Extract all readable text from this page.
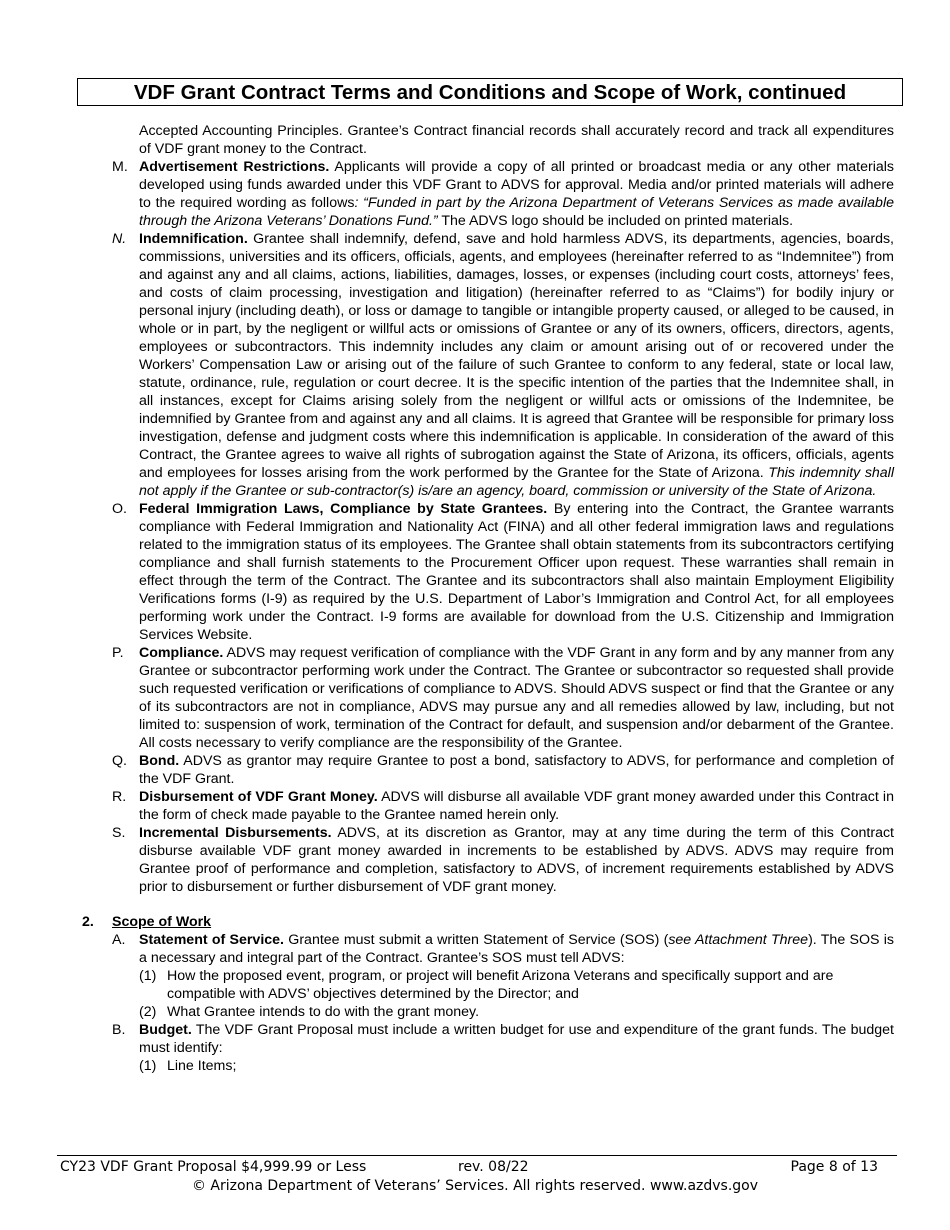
VDF Grant Contract Terms and Conditions and Scope of Work, continued

Accepted Accounting Principles. Grantee’s Contract financial records shall accurately record and track all expenditures of VDF grant money to the Contract.

M. Advertisement Restrictions. Applicants will provide a copy of all printed or broadcast media or any other materials developed using funds awarded under this VDF Grant to ADVS for approval. Media and/or printed materials will adhere to the required wording as follows: “Funded in part by the Arizona Department of Veterans Services as made available through the Arizona Veterans’ Donations Fund.” The ADVS logo should be included on printed materials.

N. Indemnification. Grantee shall indemnify, defend, save and hold harmless ADVS, its departments, agencies, boards, commissions, universities and its officers, officials, agents, and employees (hereinafter referred to as “Indemnitee”) from and against any and all claims, actions, liabilities, damages, losses, or expenses (including court costs, attorneys’ fees, and costs of claim processing, investigation and litigation) (hereinafter referred to as “Claims”) for bodily injury or personal injury (including death), or loss or damage to tangible or intangible property caused, or alleged to be caused, in whole or in part, by the negligent or willful acts or omissions of Grantee or any of its owners, officers, directors, agents, employees or subcontractors. This indemnity includes any claim or amount arising out of or recovered under the Workers’ Compensation Law or arising out of the failure of such Grantee to conform to any federal, state or local law, statute, ordinance, rule, regulation or court decree. It is the specific intention of the parties that the Indemnitee shall, in all instances, except for Claims arising solely from the negligent or willful acts or omissions of the Indemnitee, be indemnified by Grantee from and against any and all claims. It is agreed that Grantee will be responsible for primary loss investigation, defense and judgment costs where this indemnification is applicable. In consideration of the award of this Contract, the Grantee agrees to waive all rights of subrogation against the State of Arizona, its officers, officials, agents and employees for losses arising from the work performed by the Grantee for the State of Arizona. This indemnity shall not apply if the Grantee or sub-contractor(s) is/are an agency, board, commission or university of the State of Arizona.

O. Federal Immigration Laws, Compliance by State Grantees. By entering into the Contract, the Grantee warrants compliance with Federal Immigration and Nationality Act (FINA) and all other federal immigration laws and regulations related to the immigration status of its employees. The Grantee shall obtain statements from its subcontractors certifying compliance and shall furnish statements to the Procurement Officer upon request. These warranties shall remain in effect through the term of the Contract. The Grantee and its subcontractors shall also maintain Employment Eligibility Verifications forms (I-9) as required by the U.S. Department of Labor’s Immigration and Control Act, for all employees performing work under the Contract. I-9 forms are available for download from the U.S. Citizenship and Immigration Services Website.

P. Compliance. ADVS may request verification of compliance with the VDF Grant in any form and by any manner from any Grantee or subcontractor performing work under the Contract. The Grantee or subcontractor so requested shall provide such requested verification or verifications of compliance to ADVS. Should ADVS suspect or find that the Grantee or any of its subcontractors are not in compliance, ADVS may pursue any and all remedies allowed by law, including, but not limited to: suspension of work, termination of the Contract for default, and suspension and/or debarment of the Grantee. All costs necessary to verify compliance are the responsibility of the Grantee.

Q. Bond. ADVS as grantor may require Grantee to post a bond, satisfactory to ADVS, for performance and completion of the VDF Grant.

R. Disbursement of VDF Grant Money. ADVS will disburse all available VDF grant money awarded under this Contract in the form of check made payable to the Grantee named herein only.

S. Incremental Disbursements. ADVS, at its discretion as Grantor, may at any time during the term of this Contract disburse available VDF grant money awarded in increments to be established by ADVS. ADVS may require from Grantee proof of performance and completion, satisfactory to ADVS, of increment requirements established by ADVS prior to disbursement or further disbursement of VDF grant money.

2. Scope of Work
A. Statement of Service. Grantee must submit a written Statement of Service (SOS) (see Attachment Three). The SOS is a necessary and integral part of the Contract. Grantee’s SOS must tell ADVS:

(1) How the proposed event, program, or project will benefit Arizona Veterans and specifically support and are compatible with ADVS’ objectives determined by the Director; and

(2) What Grantee intends to do with the grant money.

B. Budget. The VDF Grant Proposal must include a written budget for use and expenditure of the grant funds. The budget must identify:

(1) Line Items;

CY23 VDF Grant Proposal $4,999.99 or Less	rev. 08/22	Page 8 of 13
© Arizona Department of Veterans’ Services. All rights reserved. www.azdvs.gov
